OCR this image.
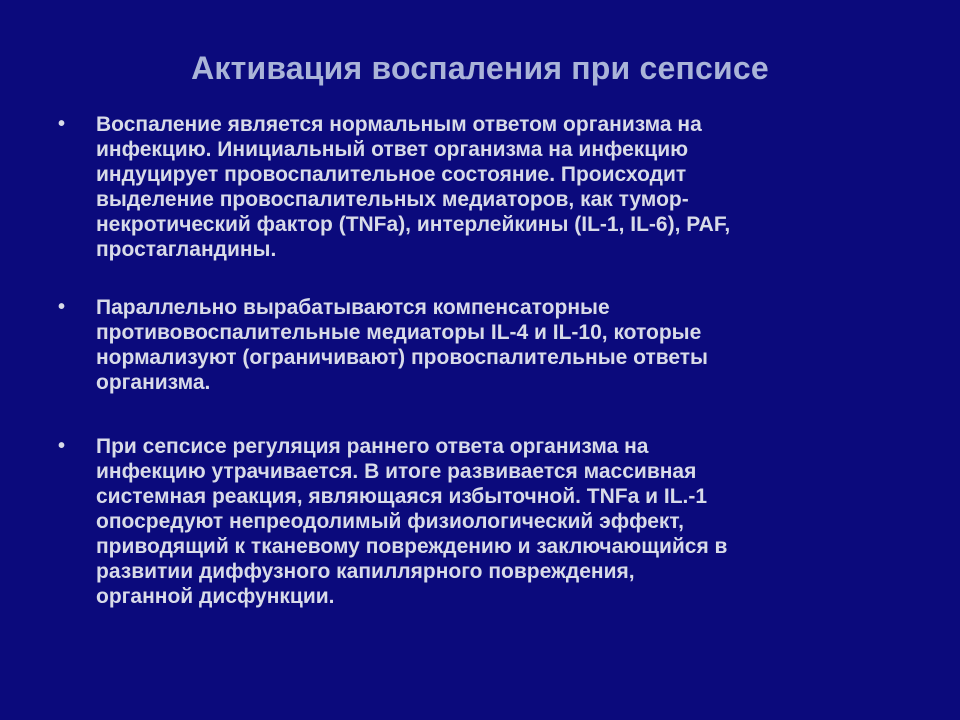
Активация воспаления при сепсисе
• Воспаление является нормальным ответом организма на
инфекцию. Инициальный ответ организма на инфекцию
индуцирует провоспалительное состояние. Происходит
выделение провоспалительных медиаторов, как тумор-
некротический фактор (TNFa), интерлейкины (IL-1, IL-6), PAF,
простагландины.
• Параллельно вырабатываются компенсаторные
противовоспалительные медиаторы IL-4 и IL-10, которые
нормализуют (ограничивают) провоспалительные ответы
организма.
• При сепсисе регуляция раннего ответа организма на
инфекцию утрачивается. В итоге развивается массивная
системная реакция, являющаяся избыточной. TNFa и IL.-1
опосредуют непреодолимый физиологический эффект,
приводящий к тканевому повреждению и заключающийся в
развитии диффузного капиллярного повреждения,
органной дисфункции.
